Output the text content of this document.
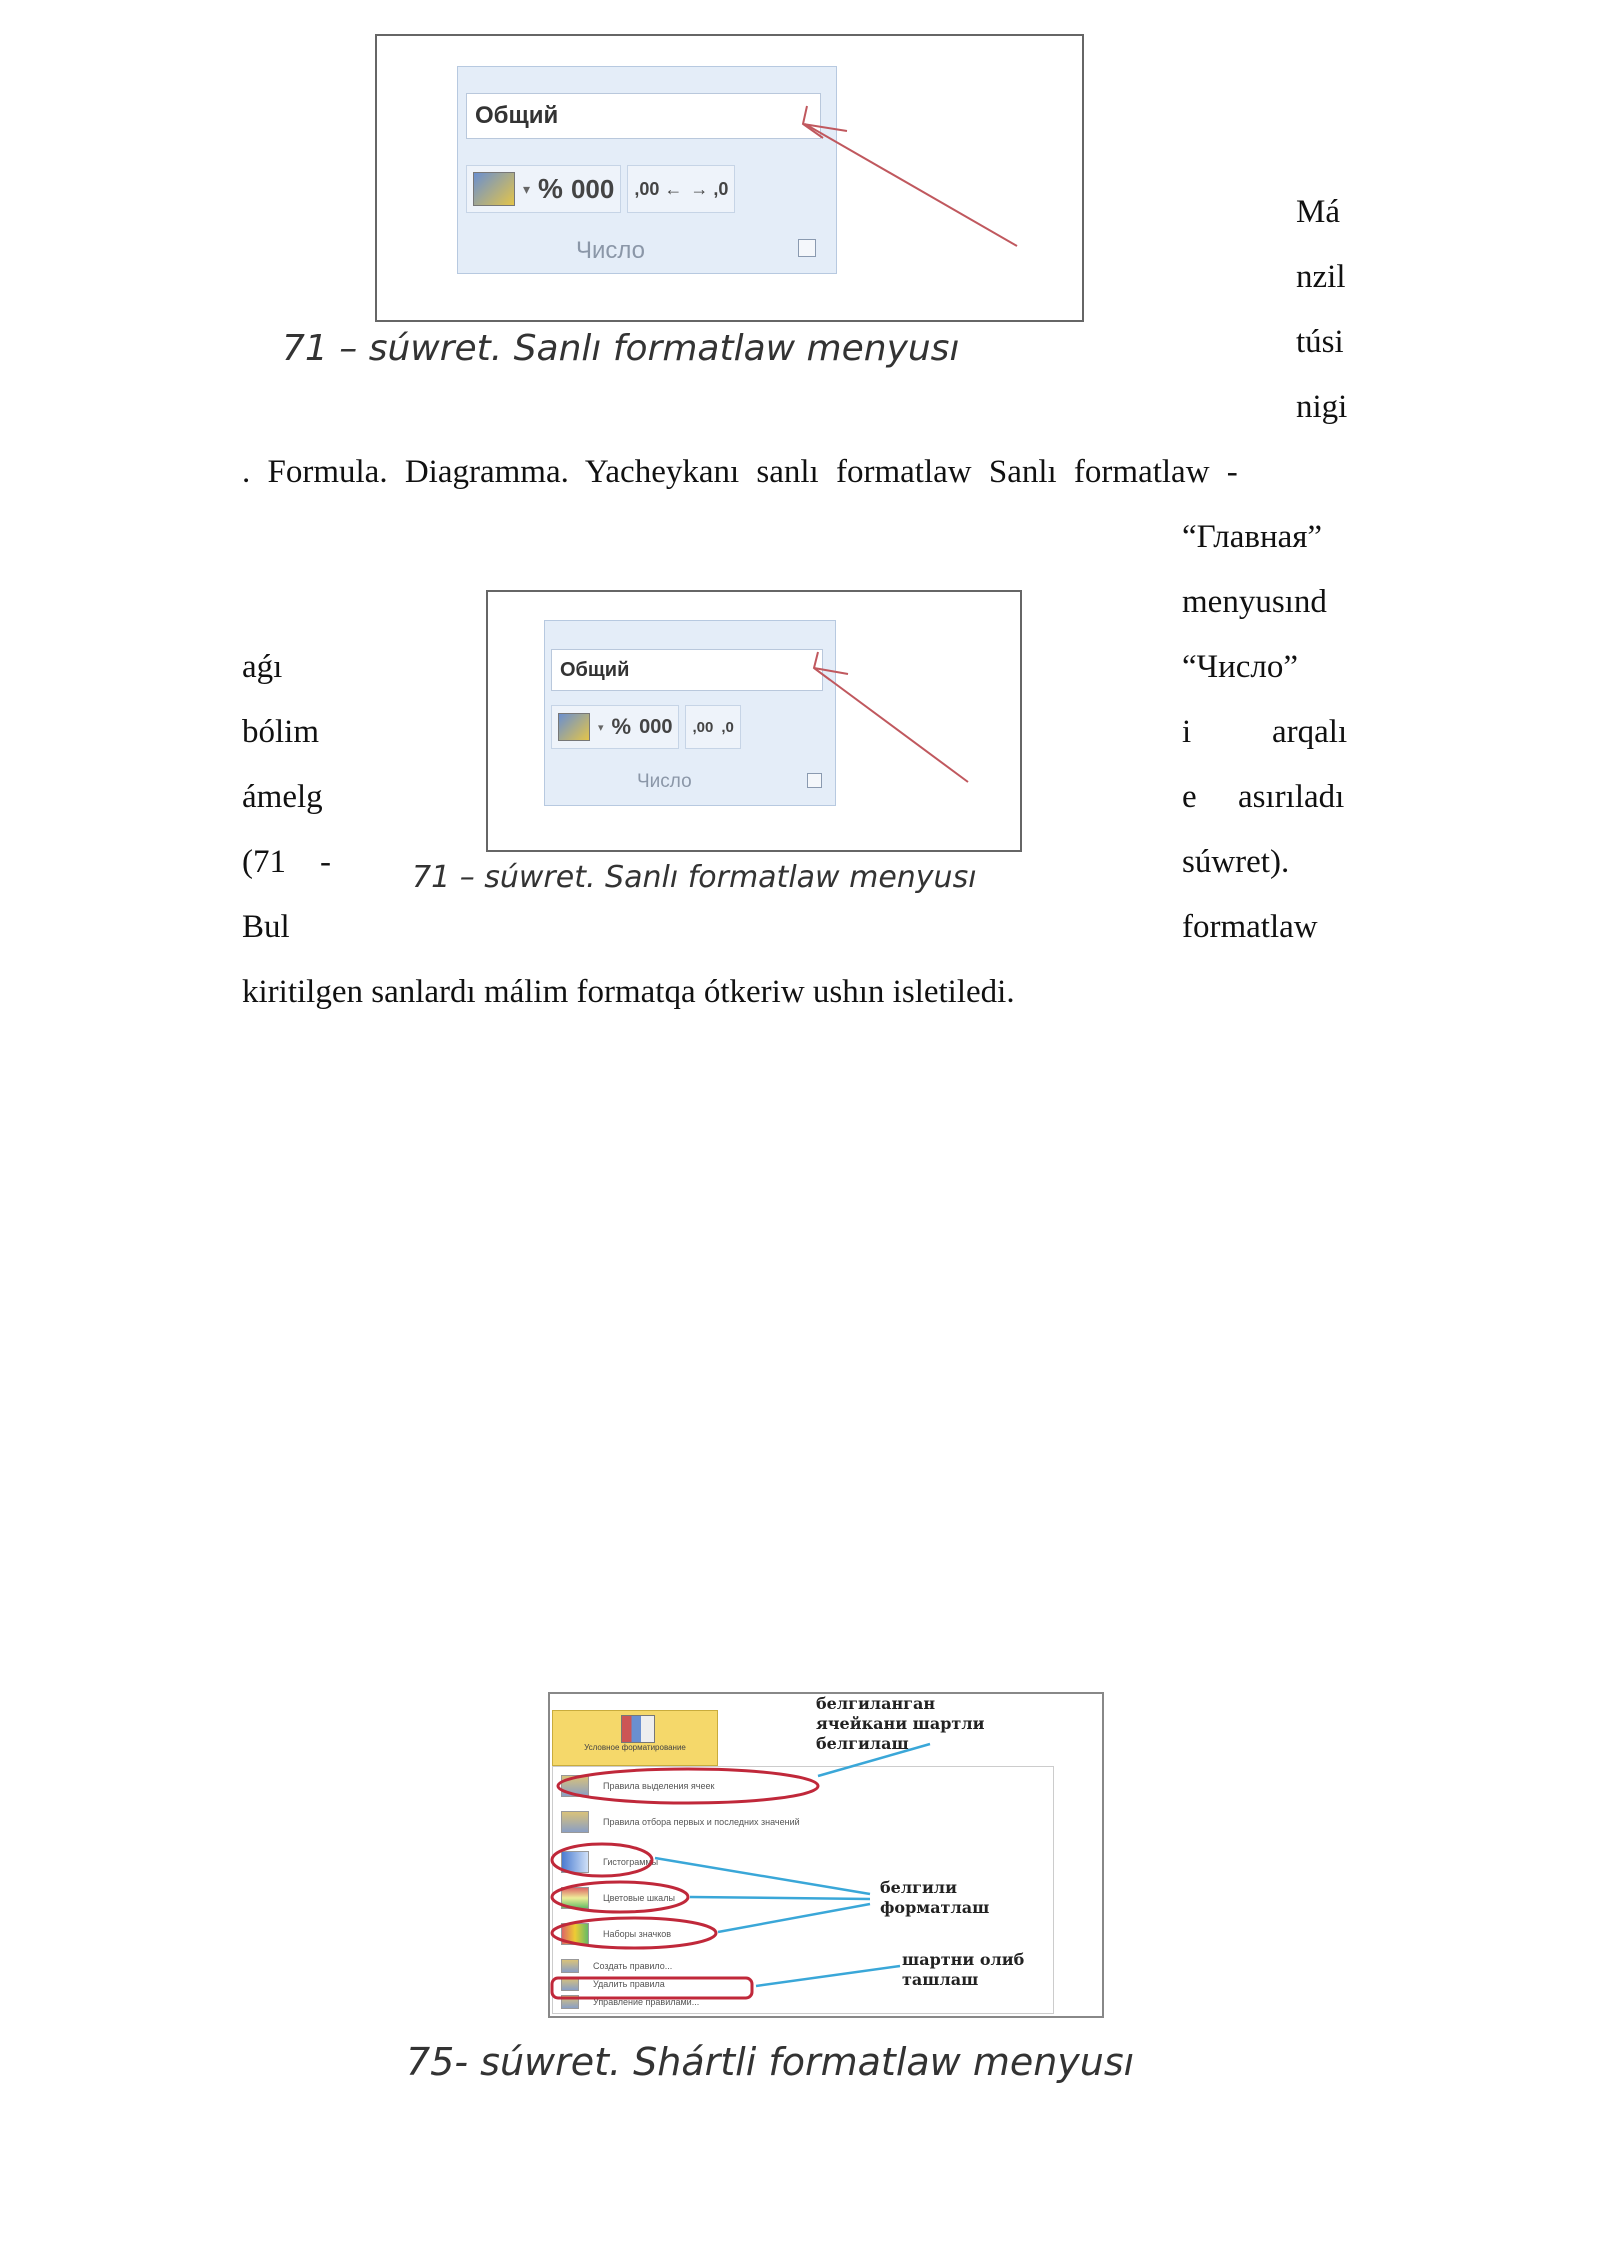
Общий
▾ % 000 ,00 ← → ,0
Число
71 – súwret. Sanlı formatlaw menyusı
Má
nzil
túsi
nigi
. Formula. Diagramma. Yacheykanı sanlı formatlaw Sanlı formatlaw -
Общий
▾ % 000 ,00 ,0
Число
71 – súwret. Sanlı formatlaw menyusı
“Главная”
menyusınd
“Число”
i arqalı
e asırıladı
súwret).
formatlaw
aǵı
bólim
ámelg
(71 -
Bul
kiritilgen sanlardı málim formatqa ótkeriw ushın isletiledi.
Условное форматирование
Правила выделения ячеек
Правила отбора первых и последних значений
Гистограммы
Цветовые шкалы
Наборы значков
Создать правило...
Удалить правила
Управление правилами...
белгиланган
ячейкани шартли
белгилаш
белгили
форматлаш
шартни олиб
ташлаш
75- súwret. Shártli formatlaw menyusı
